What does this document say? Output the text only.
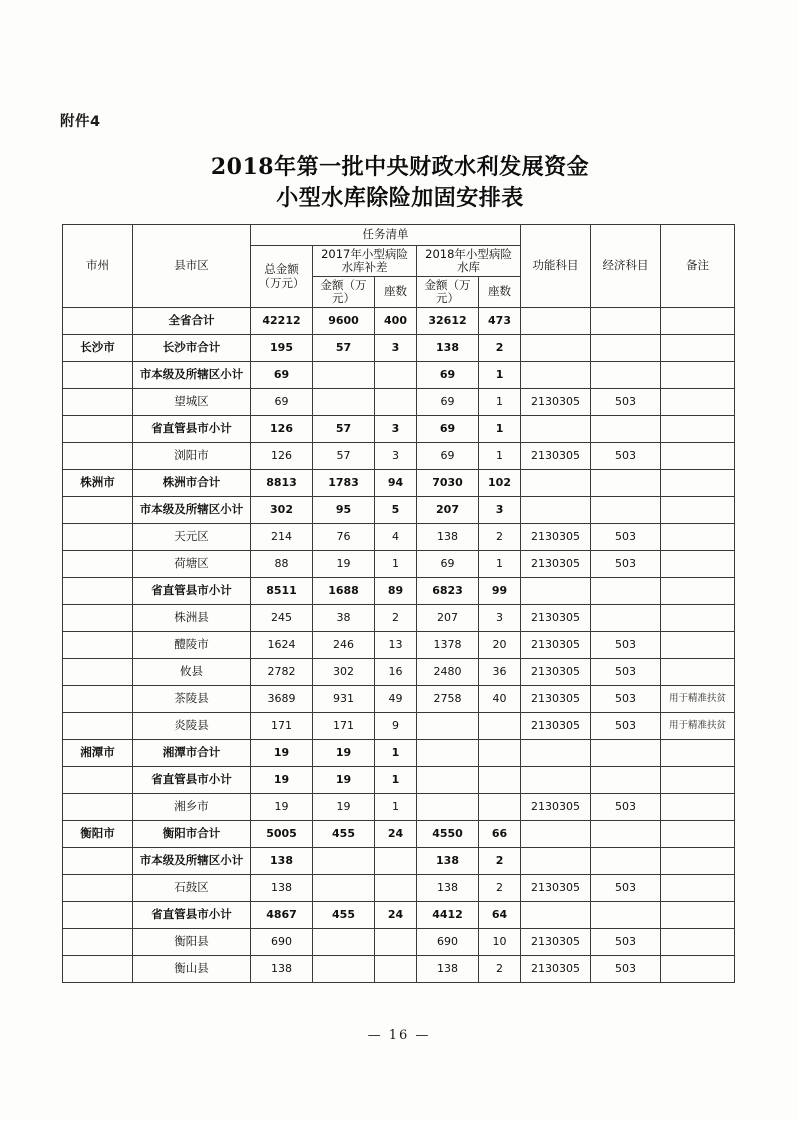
附件4
2018年第一批中央财政水利发展资金
小型水库除险加固安排表
市州	县市区	任务清单					功能科目	经济科目	备注
		总金额（万元）	2017年小型病险水库补差		2018年小型病险水库				
			金额（万元）	座数	金额（万元）	座数			
	全省合计	42212	9600	400	32612	473			
长沙市	长沙市合计	195	57	3	138	2			
	市本级及所辖区小计	69			69	1			
	望城区	69			69	1	2130305	503	
	省直管县市小计	126	57	3	69	1			
	浏阳市	126	57	3	69	1	2130305	503	
株洲市	株洲市合计	8813	1783	94	7030	102			
	市本级及所辖区小计	302	95	5	207	3			
	天元区	214	76	4	138	2	2130305	503	
	荷塘区	88	19	1	69	1	2130305	503	
	省直管县市小计	8511	1688	89	6823	99			
	株洲县	245	38	2	207	3	2130305		
	醴陵市	1624	246	13	1378	20	2130305	503	
	攸县	2782	302	16	2480	36	2130305	503	
	茶陵县	3689	931	49	2758	40	2130305	503	用于精准扶贫
	炎陵县	171	171	9			2130305	503	用于精准扶贫
湘潭市	湘潭市合计	19	19	1					
	省直管县市小计	19	19	1					
	湘乡市	19	19	1			2130305	503	
衡阳市	衡阳市合计	5005	455	24	4550	66			
	市本级及所辖区小计	138			138	2			
	石鼓区	138			138	2	2130305	503	
	省直管县市小计	4867	455	24	4412	64			
	衡阳县	690			690	10	2130305	503	
	衡山县	138			138	2	2130305	503	
— 16 —
